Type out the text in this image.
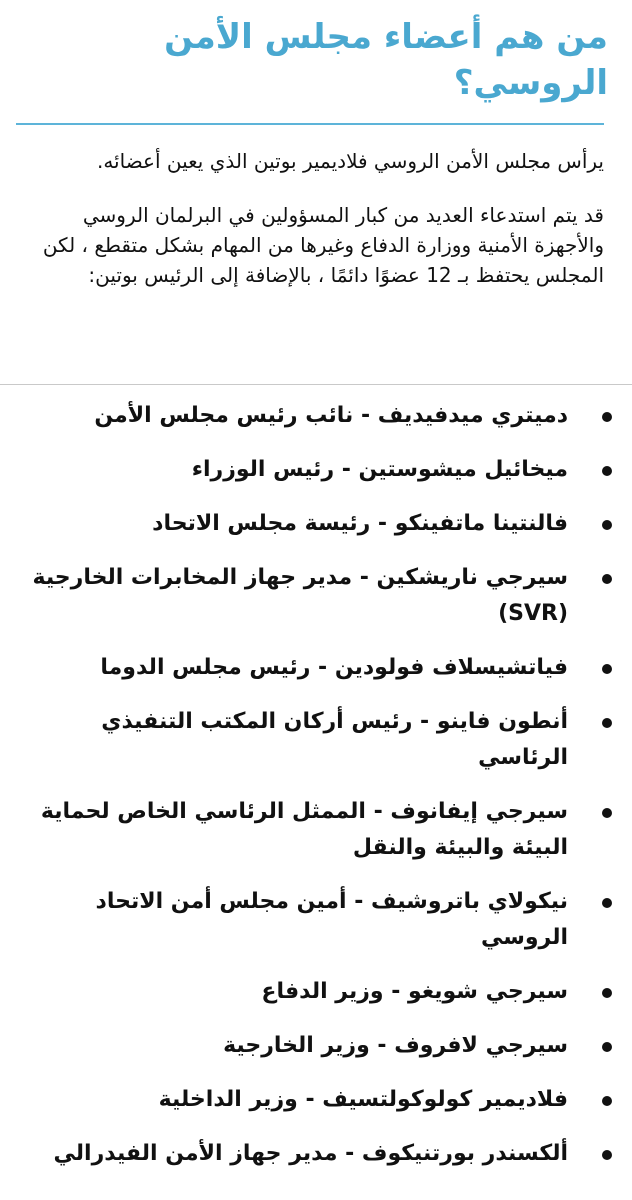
من هم أعضاء مجلس الأمن الروسي؟

يرأس مجلس الأمن الروسي فلاديمير بوتين الذي يعين أعضائه.

قد يتم استدعاء العديد من كبار المسؤولين في البرلمان الروسي والأجهزة الأمنية ووزارة الدفاع وغيرها من المهام بشكل متقطع ، لكن المجلس يحتفظ بـ 12 عضوًا دائمًا ، بالإضافة إلى الرئيس بوتين:

دميتري ميدفيديف - نائب رئيس مجلس الأمن
ميخائيل ميشوستين - رئيس الوزراء
فالنتينا ماتفينكو - رئيسة مجلس الاتحاد
سيرجي ناريشكين - مدير جهاز المخابرات الخارجية (SVR)
فياتشيسلاف فولودين - رئيس مجلس الدوما
أنطون فاينو - رئيس أركان المكتب التنفيذي الرئاسي
سيرجي إيفانوف - الممثل الرئاسي الخاص لحماية البيئة والبيئة والنقل
نيكولاي باتروشيف - أمين مجلس أمن الاتحاد الروسي
سيرجي شويغو - وزير الدفاع
سيرجي لافروف - وزير الخارجية
فلاديمير كولوكولتسيف - وزير الداخلية
ألكسندر بورتنيكوف - مدير جهاز الأمن الفيدرالي
